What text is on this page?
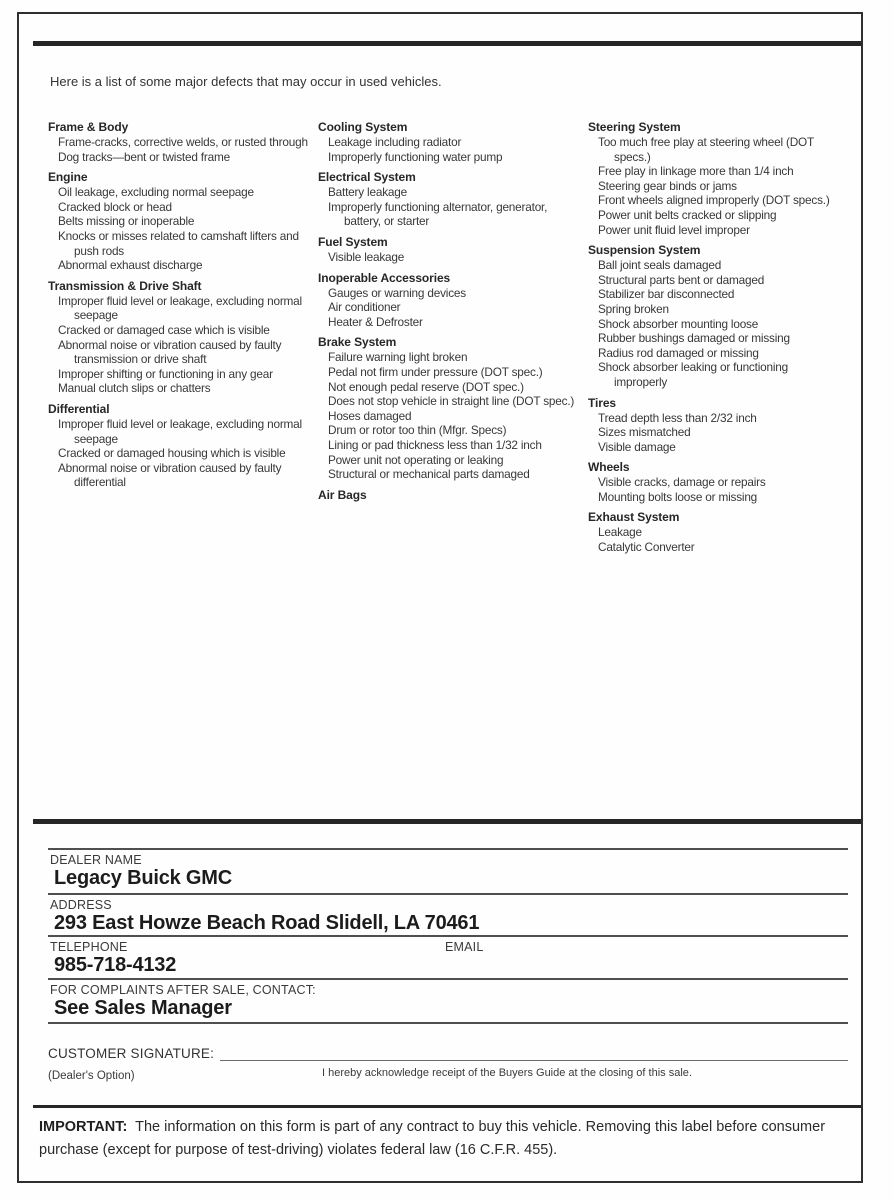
Here is a list of some major defects that may occur in used vehicles.

Frame & Body
Frame-cracks, corrective welds, or rusted through
Dog tracks—bent or twisted frame
Engine
Oil leakage, excluding normal seepage
Cracked block or head
Belts missing or inoperable
Knocks or misses related to camshaft lifters and push rods
Abnormal exhaust discharge
Transmission & Drive Shaft
Improper fluid level or leakage, excluding normal seepage
Cracked or damaged case which is visible
Abnormal noise or vibration caused by faulty transmission or drive shaft
Improper shifting or functioning in any gear
Manual clutch slips or chatters
Differential
Improper fluid level or leakage, excluding normal seepage
Cracked or damaged housing which is visible
Abnormal noise or vibration caused by faulty differential
Cooling System
Leakage including radiator
Improperly functioning water pump
Electrical System
Battery leakage
Improperly functioning alternator, generator, battery, or starter
Fuel System
Visible leakage
Inoperable Accessories
Gauges or warning devices
Air conditioner
Heater & Defroster
Brake System
Failure warning light broken
Pedal not firm under pressure (DOT spec.)
Not enough pedal reserve (DOT spec.)
Does not stop vehicle in straight line (DOT spec.)
Hoses damaged
Drum or rotor too thin (Mfgr. Specs)
Lining or pad thickness less than 1/32 inch
Power unit not operating or leaking
Structural or mechanical parts damaged
Air Bags
Steering System
Too much free play at steering wheel (DOT specs.)
Free play in linkage more than 1/4 inch
Steering gear binds or jams
Front wheels aligned improperly (DOT specs.)
Power unit belts cracked or slipping
Power unit fluid level improper
Suspension System
Ball joint seals damaged
Structural parts bent or damaged
Stabilizer bar disconnected
Spring broken
Shock absorber mounting loose
Rubber bushings damaged or missing
Radius rod damaged or missing
Shock absorber leaking or functioning improperly
Tires
Tread depth less than 2/32 inch
Sizes mismatched
Visible damage
Wheels
Visible cracks, damage or repairs
Mounting bolts loose or missing
Exhaust System
Leakage
Catalytic Converter
DEALER NAME
Legacy Buick GMC
ADDRESS
293 East Howze Beach Road Slidell, LA 70461
TELEPHONE
985-718-4132
EMAIL
FOR COMPLAINTS AFTER SALE, CONTACT:
See Sales Manager
CUSTOMER SIGNATURE:
(Dealer's Option)	I hereby acknowledge receipt of the Buyers Guide at the closing of this sale.

IMPORTANT: The information on this form is part of any contract to buy this vehicle. Removing this label before consumer purchase (except for purpose of test-driving) violates federal law (16 C.F.R. 455).
